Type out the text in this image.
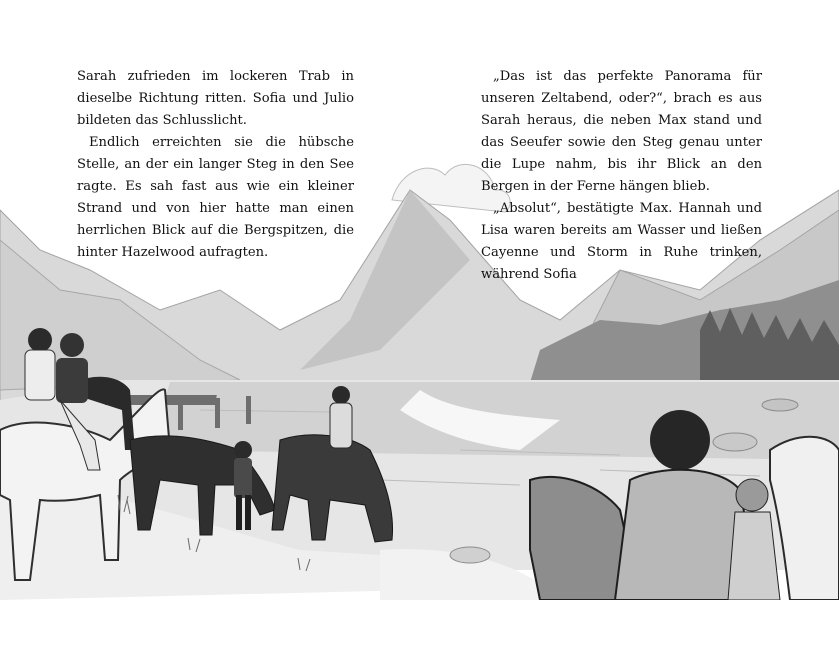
Sarah zufrieden im lockeren Trab in dieselbe Richtung ritten. Sofia und Julio bildeten das Schlusslicht.

Endlich erreichten sie die hübsche Stelle, an der ein langer Steg in den See ragte. Es sah fast aus wie ein kleiner Strand und von hier hatte man einen herrlichen Blick auf die Bergspitzen, die hinter Hazelwood aufragten.

„Das ist das perfekte Panorama für unseren Zeltabend, oder?“, brach es aus Sarah heraus, die neben Max stand und das Seeufer sowie den Steg genau unter die Lupe nahm, bis ihr Blick an den Bergen in der Ferne hängen blieb.

„Absolut“, bestätigte Max. Hannah und Lisa waren bereits am Wasser und ließen Cayenne und Storm in Ruhe trinken, während Sofia
